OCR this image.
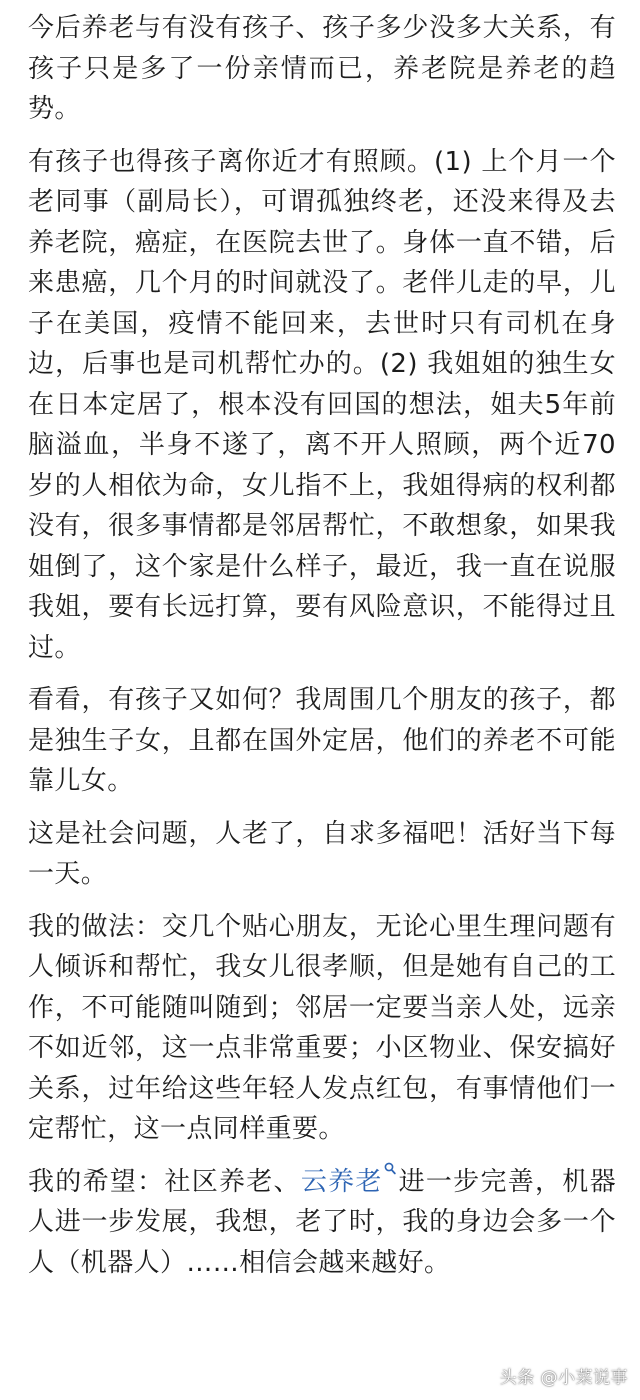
今后养老与有没有孩子、孩子多少没多大关系，有孩子只是多了一份亲情而已，养老院是养老的趋势。

有孩子也得孩子离你近才有照顾。(1) 上个月一个老同事（副局长），可谓孤独终老，还没来得及去养老院，癌症，在医院去世了。身体一直不错，后来患癌，几个月的时间就没了。老伴儿走的早，儿子在美国，疫情不能回来，去世时只有司机在身边，后事也是司机帮忙办的。(2) 我姐姐的独生女在日本定居了，根本没有回国的想法，姐夫5年前脑溢血，半身不遂了，离不开人照顾，两个近70岁的人相依为命，女儿指不上，我姐得病的权利都没有，很多事情都是邻居帮忙，不敢想象，如果我姐倒了，这个家是什么样子，最近，我一直在说服我姐，要有长远打算，要有风险意识，不能得过且过。

看看，有孩子又如何？我周围几个朋友的孩子，都是独生子女，且都在国外定居，他们的养老不可能靠儿女。

这是社会问题，人老了，自求多福吧！活好当下每一天。

我的做法：交几个贴心朋友，无论心里生理问题有人倾诉和帮忙，我女儿很孝顺，但是她有自己的工作，不可能随叫随到；邻居一定要当亲人处，远亲不如近邻，这一点非常重要；小区物业、保安搞好关系，过年给这些年轻人发点红包，有事情他们一定帮忙，这一点同样重要。

我的希望：社区养老、云养老 进一步完善，机器人进一步发展，我想，老了时，我的身边会多一个人（机器人）……相信会越来越好。

头条 @小菜说事
